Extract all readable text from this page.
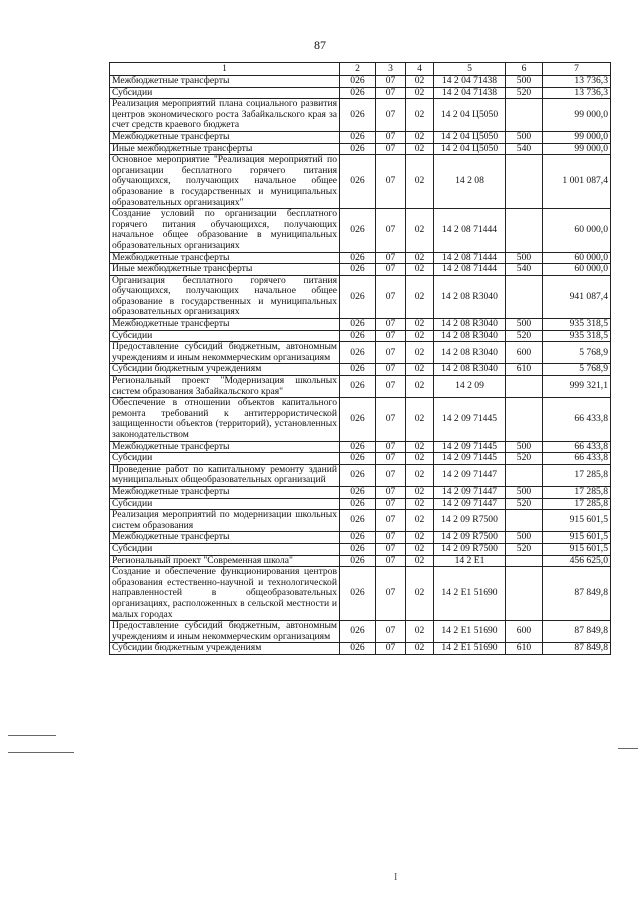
87
1	2	3	4	5	6	7
Межбюджетные трансферты	026	07	02	14 2 04 71438	500	13 736,3
Субсидии	026	07	02	14 2 04 71438	520	13 736,3
Реализация мероприятий плана социального развития центров экономического роста Забайкальского края за счет средств краевого бюджета	026	07	02	14 2 04 Ц5050		99 000,0
Межбюджетные трансферты	026	07	02	14 2 04 Ц5050	500	99 000,0
Иные межбюджетные трансферты	026	07	02	14 2 04 Ц5050	540	99 000,0
Основное мероприятие "Реализация мероприятий по организации бесплатного горячего питания обучающихся, получающих начальное общее образование в государственных и муниципальных образовательных организациях"	026	07	02	14 2 08		1 001 087,4
Создание условий по организации бесплатного горячего питания обучающихся, получающих начальное общее образование в муниципальных образовательных организациях	026	07	02	14 2 08 71444		60 000,0
Межбюджетные трансферты	026	07	02	14 2 08 71444	500	60 000,0
Иные межбюджетные трансферты	026	07	02	14 2 08 71444	540	60 000,0
Организация бесплатного горячего питания обучающихся, получающих начальное общее образование в государственных и муниципальных образовательных организациях	026	07	02	14 2 08 R3040		941 087,4
Межбюджетные трансферты	026	07	02	14 2 08 R3040	500	935 318,5
Субсидии	026	07	02	14 2 08 R3040	520	935 318,5
Предоставление субсидий бюджетным, автономным учреждениям и иным некоммерческим организациям	026	07	02	14 2 08 R3040	600	5 768,9
Субсидии бюджетным учреждениям	026	07	02	14 2 08 R3040	610	5 768,9
Региональный проект "Модернизация школьных систем образования Забайкальского края"	026	07	02	14 2 09		999 321,1
Обеспечение в отношении объектов капитального ремонта требований к антитеррористической защищенности объектов (территорий), установленных законодательством	026	07	02	14 2 09 71445		66 433,8
Межбюджетные трансферты	026	07	02	14 2 09 71445	500	66 433,8
Субсидии	026	07	02	14 2 09 71445	520	66 433,8
Проведение работ по капитальному ремонту зданий муниципальных общеобразовательных организаций	026	07	02	14 2 09 71447		17 285,8
Межбюджетные трансферты	026	07	02	14 2 09 71447	500	17 285,8
Субсидии	026	07	02	14 2 09 71447	520	17 285,8
Реализация мероприятий по модернизации школьных систем образования	026	07	02	14 2 09 R7500		915 601,5
Межбюджетные трансферты	026	07	02	14 2 09 R7500	500	915 601,5
Субсидии	026	07	02	14 2 09 R7500	520	915 601,5
Региональный проект "Современная школа"	026	07	02	14 2 E1		456 625,0
Создание и обеспечение функционирования центров образования естественно-научной и технологической направленностей в общеобразовательных организациях, расположенных в сельской местности и малых городах	026	07	02	14 2 E1 51690		87 849,8
Предоставление субсидий бюджетным, автономным учреждениям и иным некоммерческим организациям	026	07	02	14 2 E1 51690	600	87 849,8
Субсидии бюджетным учреждениям	026	07	02	14 2 E1 51690	610	87 849,8
I
